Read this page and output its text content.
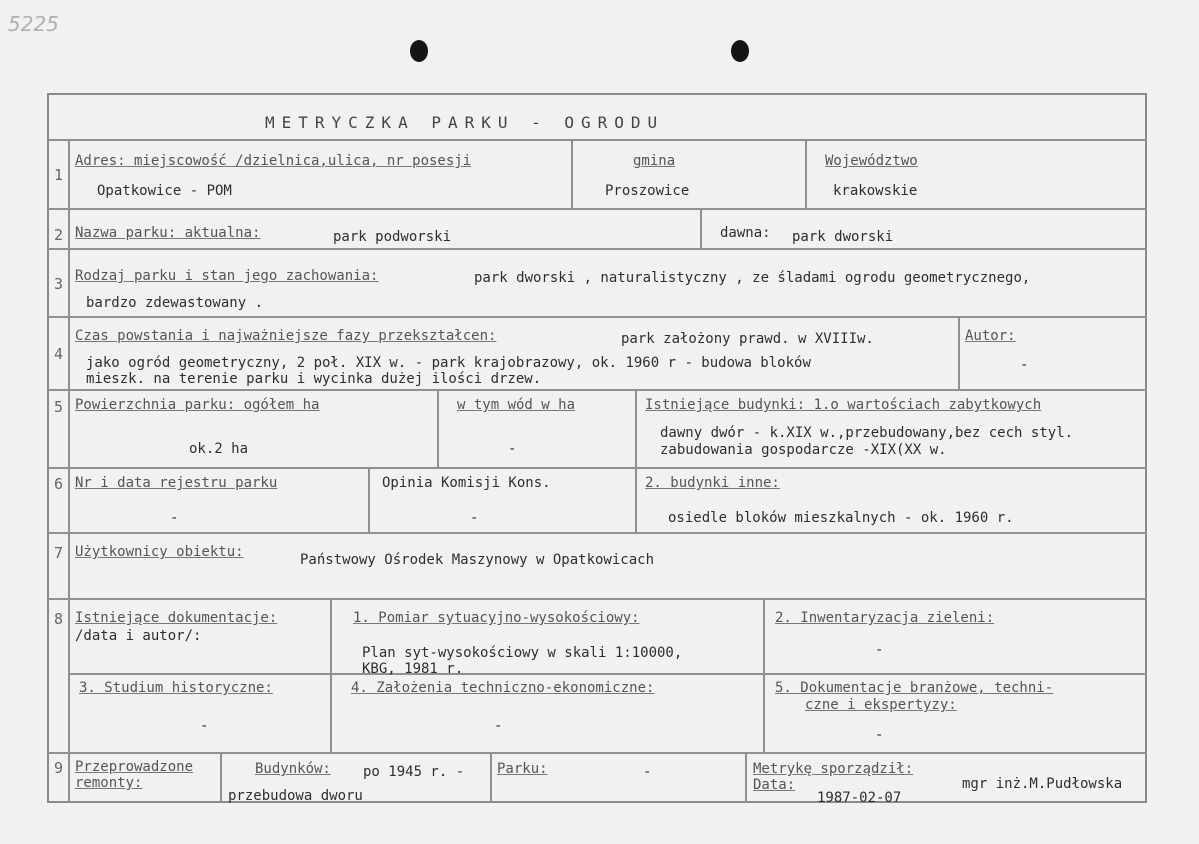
5225
METRYCZKA PARKU - OGRODU
1
Adres: miejscowość /dzielnica,ulica, nr posesji
Opatkowice - POM
gmina
Proszowice
Województwo
krakowskie
2 Nazwa parku: aktualna:	park podworski	dawna: park dworski
3 Rodzaj parku i stan jego zachowania:	park dworski , naturalistyczny , ze śladami ogrodu geometrycznego,
bardzo zdewastowany .
4
Czas powstania i najważniejsze fazy przekształcen:	park założony prawd. w XVIIIw.
jako ogród geometryczny, 2 poł. XIX w. - park krajobrazowy, ok. 1960 r - budowa bloków
mieszk. na terenie parku i wycinka dużej ilości drzew.
Autor:
-
5 Powierzchnia parku: ogółem ha
ok.2 ha
w tym wód w ha
-
Istniejące budynki: 1.o wartościach zabytkowych
dawny dwór - k.XIX w.,przebudowany,bez cech styl.
zabudowania gospodarcze -XIX(XX w.
6 Nr i data rejestru parku
-
Opinia Komisji Kons.
-
2. budynki inne:
osiedle bloków mieszkalnych - ok. 1960 r.
7 Użytkownicy obiektu:	Państwowy Ośrodek Maszynowy w Opatkowicach
8 Istniejące dokumentacje:
/data i autor/:
1. Pomiar sytuacyjno-wysokościowy:
Plan syt-wysokościowy w skali 1:10000,
KBG, 1981 r.
2. Inwentaryzacja zieleni:
-
3. Studium historyczne:
-
4. Założenia techniczno-ekonomiczne:
-
5. Dokumentacje branżowe, techni-
czne i ekspertyzy:
-
9 Przeprowadzone
remonty:
Budynków: po 1945 r. -
przebudowa dworu
Parku:	-	Metrykę sporządził:
mgr inż.M.Pudłowska
Data:
1987-02-07
